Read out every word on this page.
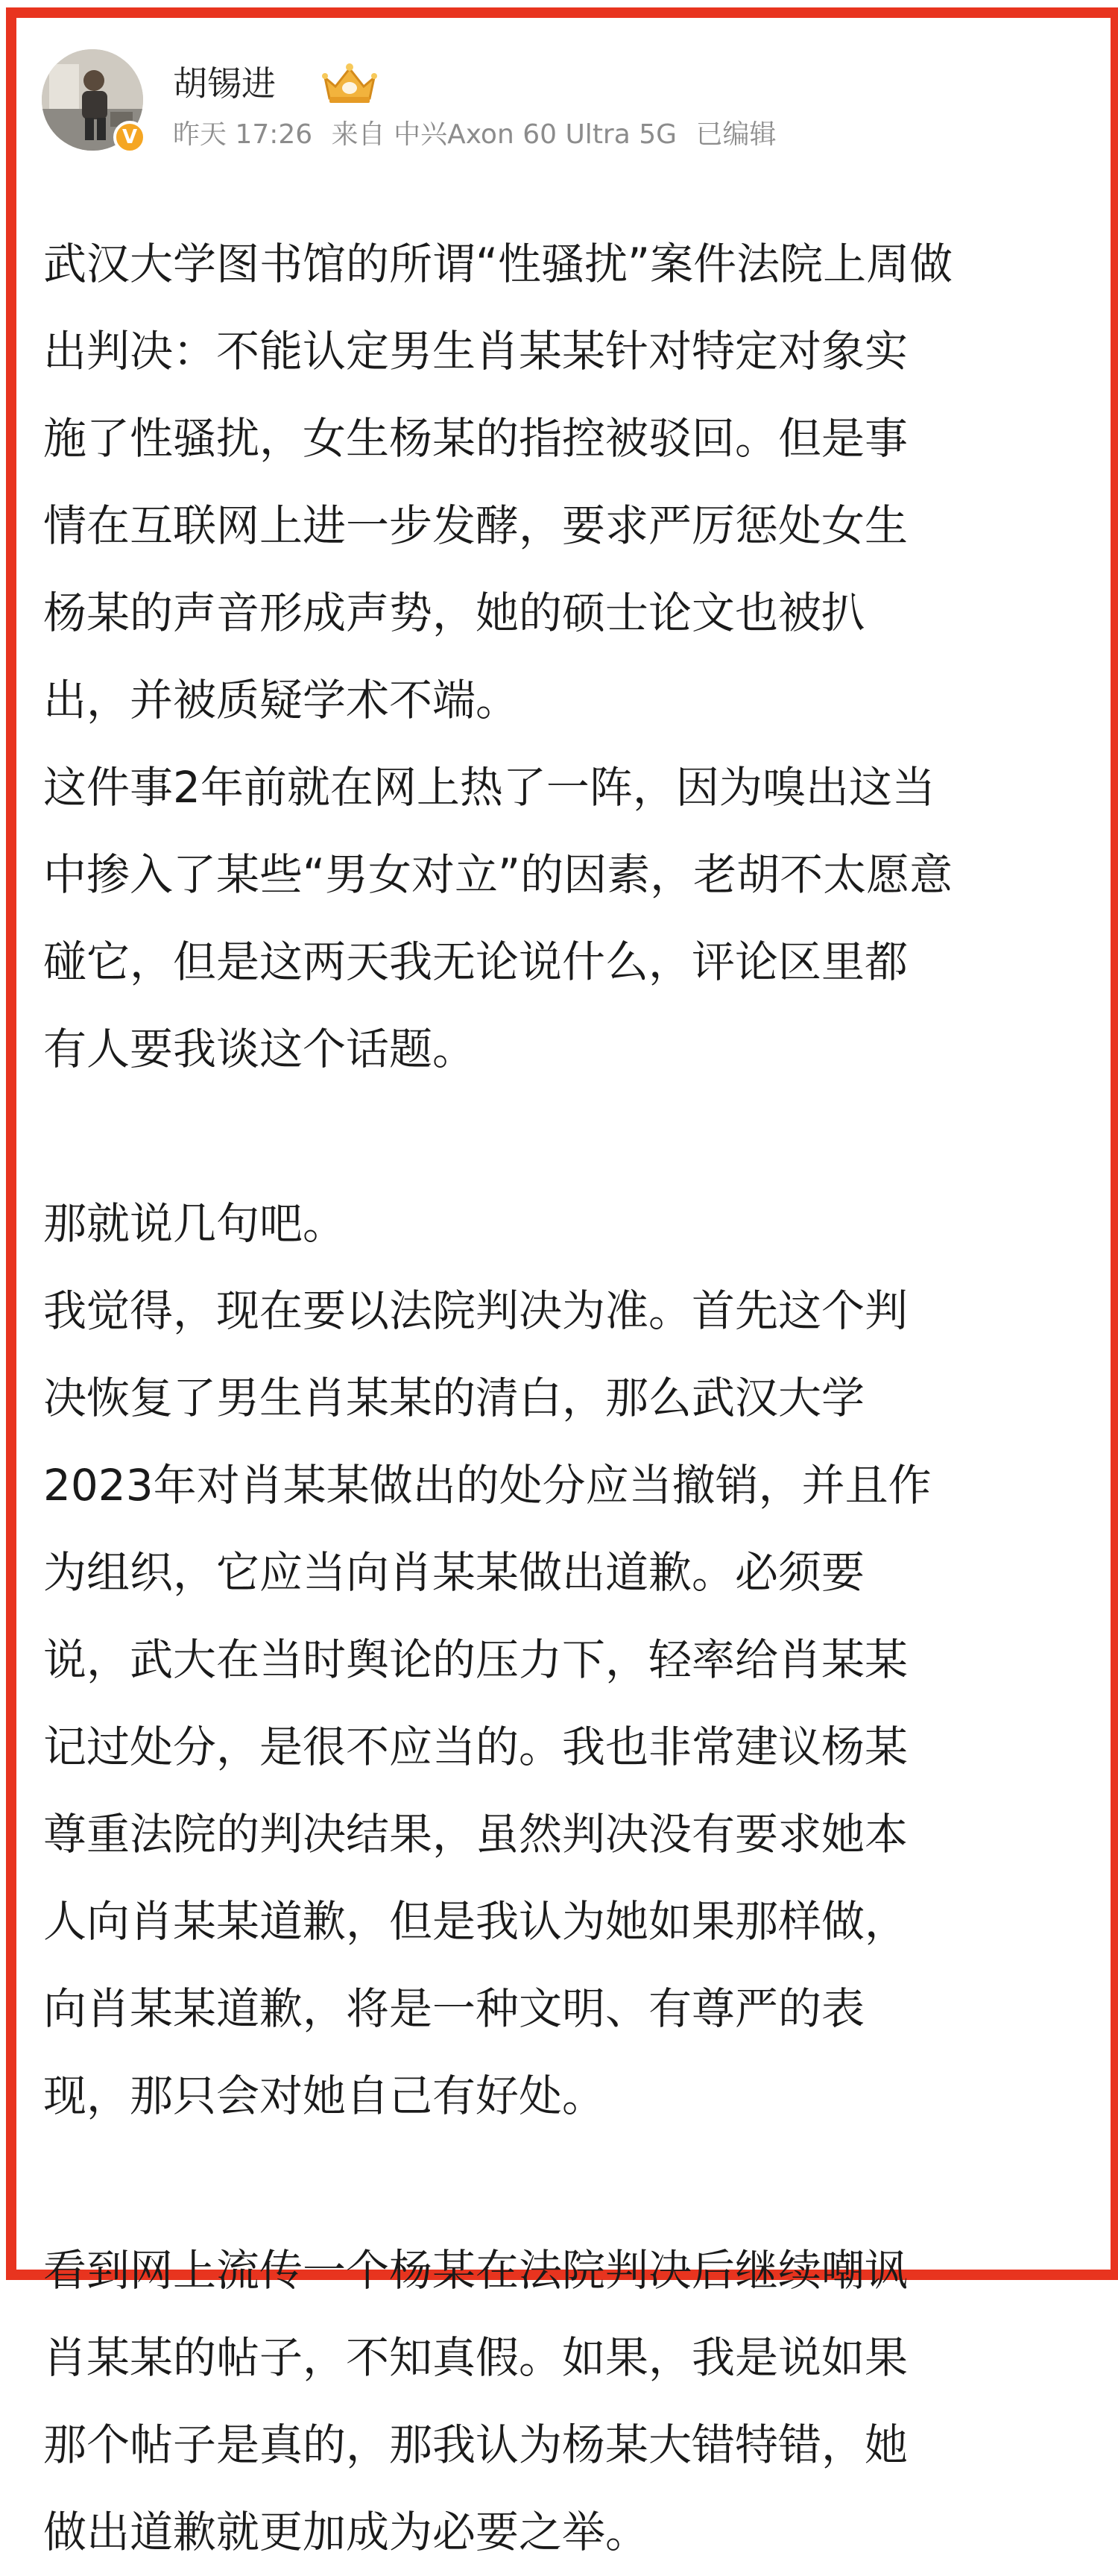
V
胡锡进
昨天 17:26 来自 中兴Axon 60 Ultra 5G 已编辑

武汉大学图书馆的所谓“性骚扰”案件法院上周做

出判决：不能认定男生肖某某针对特定对象实

施了性骚扰，女生杨某的指控被驳回。但是事

情在互联网上进一步发酵，要求严厉惩处女生

杨某的声音形成声势，她的硕士论文也被扒

出，并被质疑学术不端。

这件事2年前就在网上热了一阵，因为嗅出这当

中掺入了某些“男女对立”的因素，老胡不太愿意

碰它，但是这两天我无论说什么，评论区里都

有人要我谈这个话题。

那就说几句吧。

我觉得，现在要以法院判决为准。首先这个判

决恢复了男生肖某某的清白，那么武汉大学

2023年对肖某某做出的处分应当撤销，并且作

为组织，它应当向肖某某做出道歉。必须要

说，武大在当时舆论的压力下，轻率给肖某某

记过处分，是很不应当的。我也非常建议杨某

尊重法院的判决结果，虽然判决没有要求她本

人向肖某某道歉，但是我认为她如果那样做，

向肖某某道歉，将是一种文明、有尊严的表

现，那只会对她自己有好处。

看到网上流传一个杨某在法院判决后继续嘲讽

肖某某的帖子，不知真假。如果，我是说如果

那个帖子是真的，那我认为杨某大错特错，她

做出道歉就更加成为必要之举。
